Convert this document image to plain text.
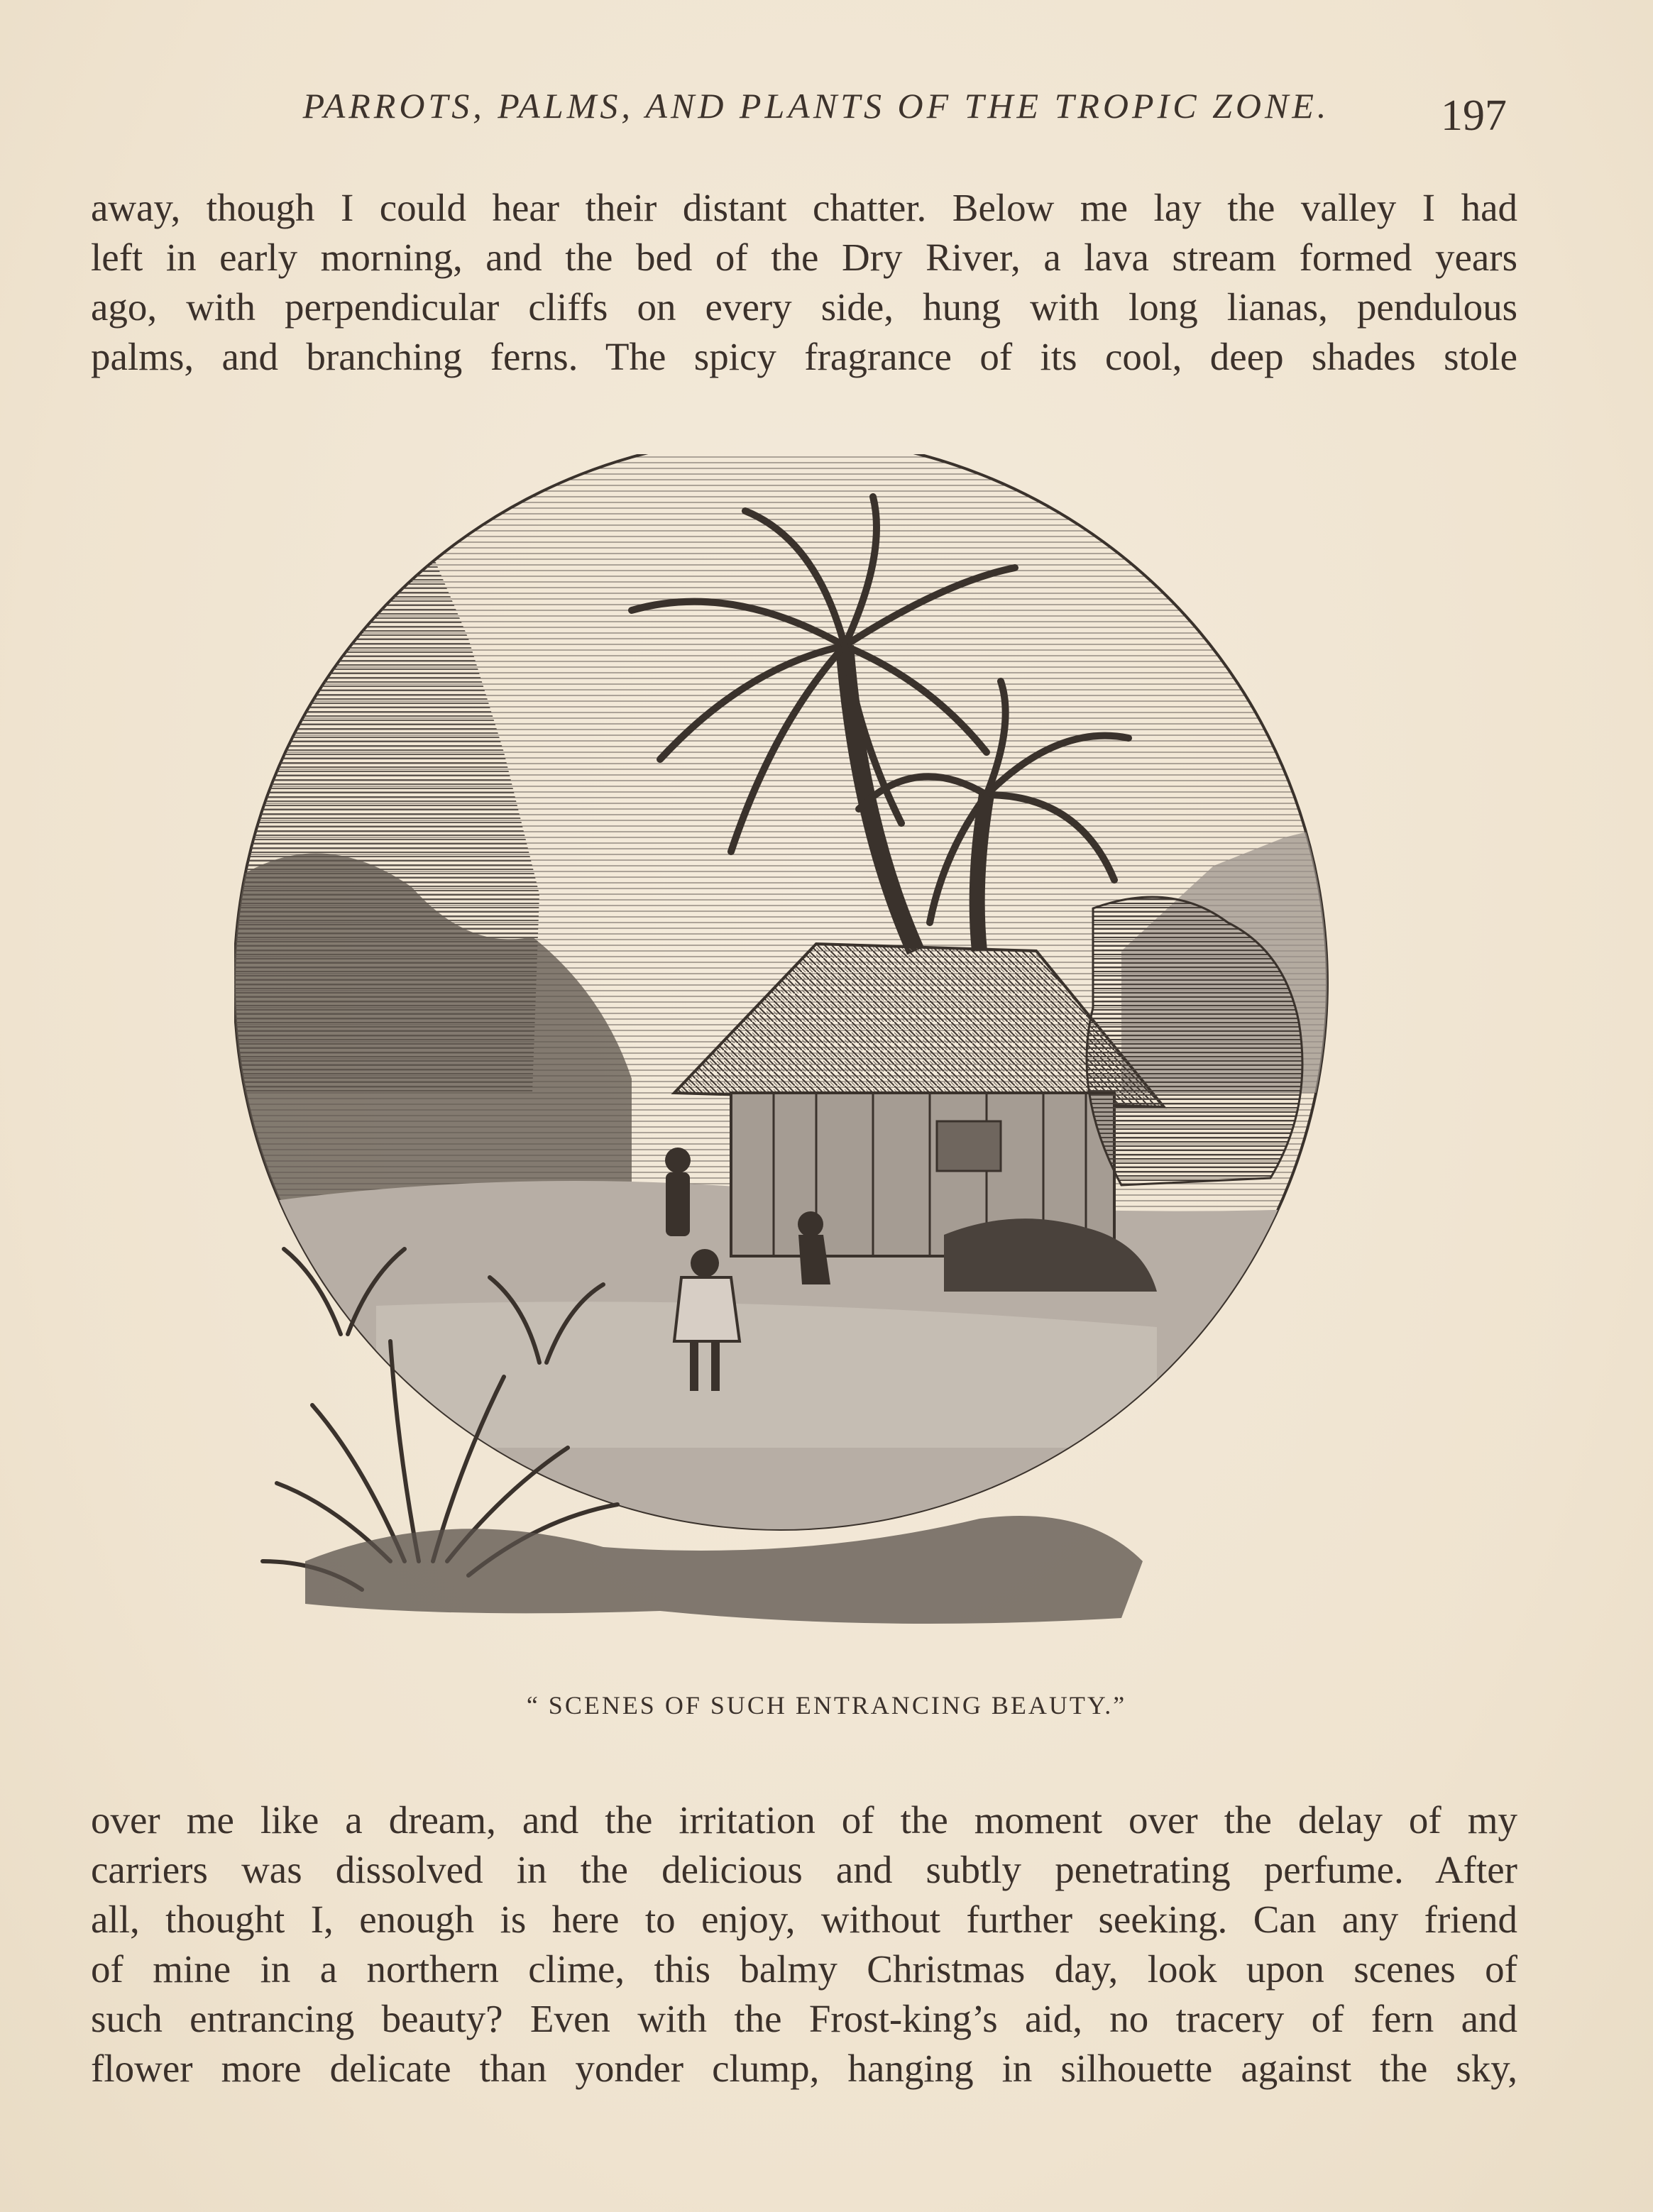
PARROTS, PALMS, AND PLANTS OF THE TROPIC ZONE.	197
away, though I could hear their distant chatter. Below me lay the valley I had
left in early morning, and the bed of the Dry River, a lava stream formed years
ago, with perpendicular cliffs on every side, hung with long lianas, pendulous
palms, and branching ferns. The spicy fragrance of its cool, deep shades stole
“ SCENES OF SUCH ENTRANCING BEAUTY.”
over me like a dream, and the irritation of the moment over the delay of my
carriers was dissolved in the delicious and subtly penetrating perfume. After
all, thought I, enough is here to enjoy, without further seeking. Can any friend
of mine in a northern clime, this balmy Christmas day, look upon scenes of
such entrancing beauty? Even with the Frost-king’s aid, no tracery of fern and
flower more delicate than yonder clump, hanging in silhouette against the sky,
